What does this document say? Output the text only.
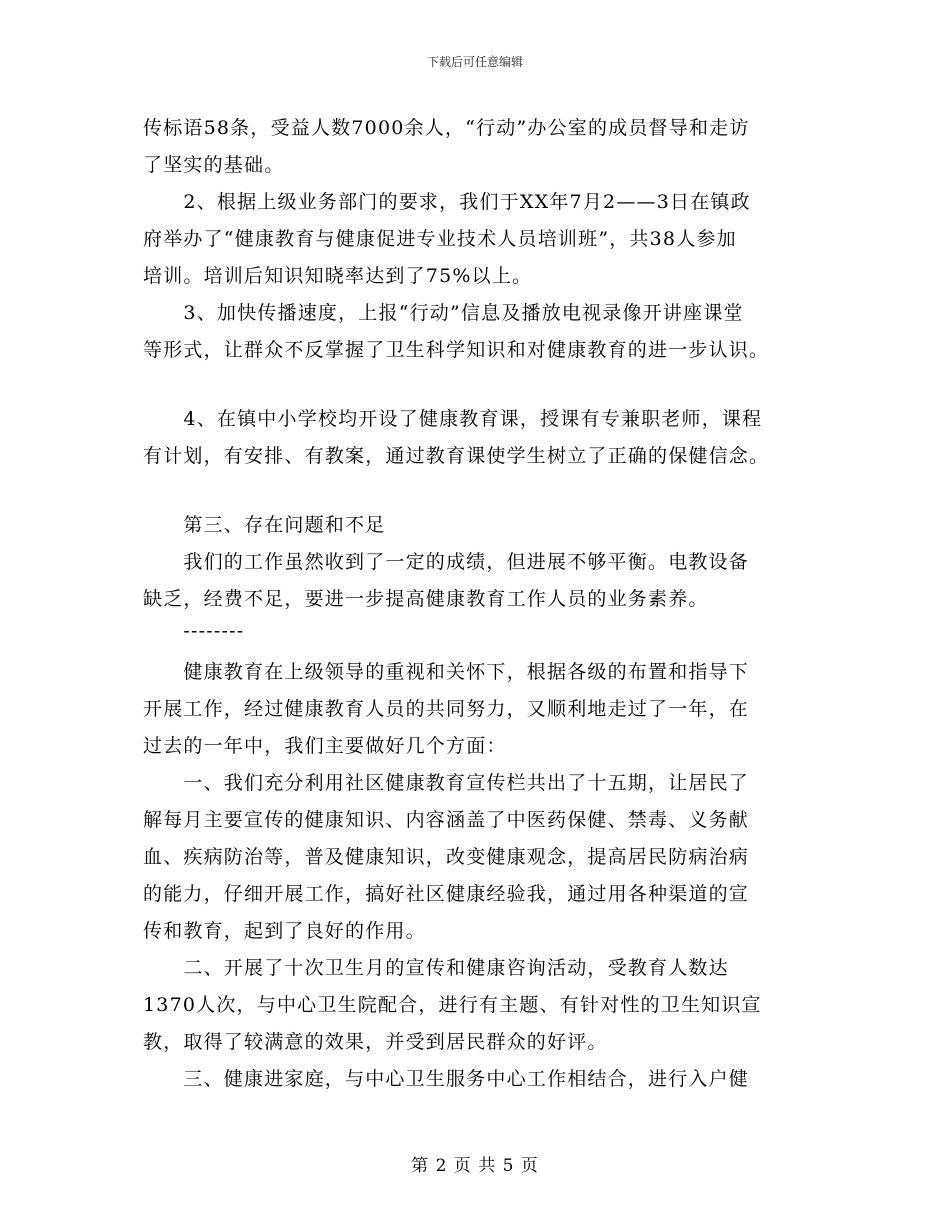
下载后可任意编辑

传标语58条，受益人数7000余人，“行动”办公室的成员督导和走访

了坚实的基础。

　　2、根据上级业务部门的要求，我们于XX年7月2——3日在镇政

府举办了“健康教育与健康促进专业技术人员培训班”，共38人参加

培训。培训后知识知晓率达到了75%以上。

　　3、加快传播速度，上报“行动”信息及播放电视录像开讲座课堂

等形式，让群众不反掌握了卫生科学知识和对健康教育的进一步认识。

　　4、在镇中小学校均开设了健康教育课，授课有专兼职老师，课程

有计划，有安排、有教案，通过教育课使学生树立了正确的保健信念。

　　第三、存在问题和不足

　　我们的工作虽然收到了一定的成绩，但进展不够平衡。电教设备

缺乏，经费不足，要进一步提高健康教育工作人员的业务素养。

　　--------

　　健康教育在上级领导的重视和关怀下，根据各级的布置和指导下

开展工作，经过健康教育人员的共同努力，又顺利地走过了一年，在

过去的一年中，我们主要做好几个方面：

　　一、我们充分利用社区健康教育宣传栏共出了十五期，让居民了

解每月主要宣传的健康知识、内容涵盖了中医药保健、禁毒、义务献

血、疾病防治等，普及健康知识，改变健康观念，提高居民防病治病

的能力，仔细开展工作，搞好社区健康经验我，通过用各种渠道的宣

传和教育，起到了良好的作用。

　　二、开展了十次卫生月的宣传和健康咨询活动，受教育人数达

1370人次，与中心卫生院配合，进行有主题、有针对性的卫生知识宣

教，取得了较满意的效果，并受到居民群众的好评。

　　三、健康进家庭，与中心卫生服务中心工作相结合，进行入户健

第 2 页 共 5 页
